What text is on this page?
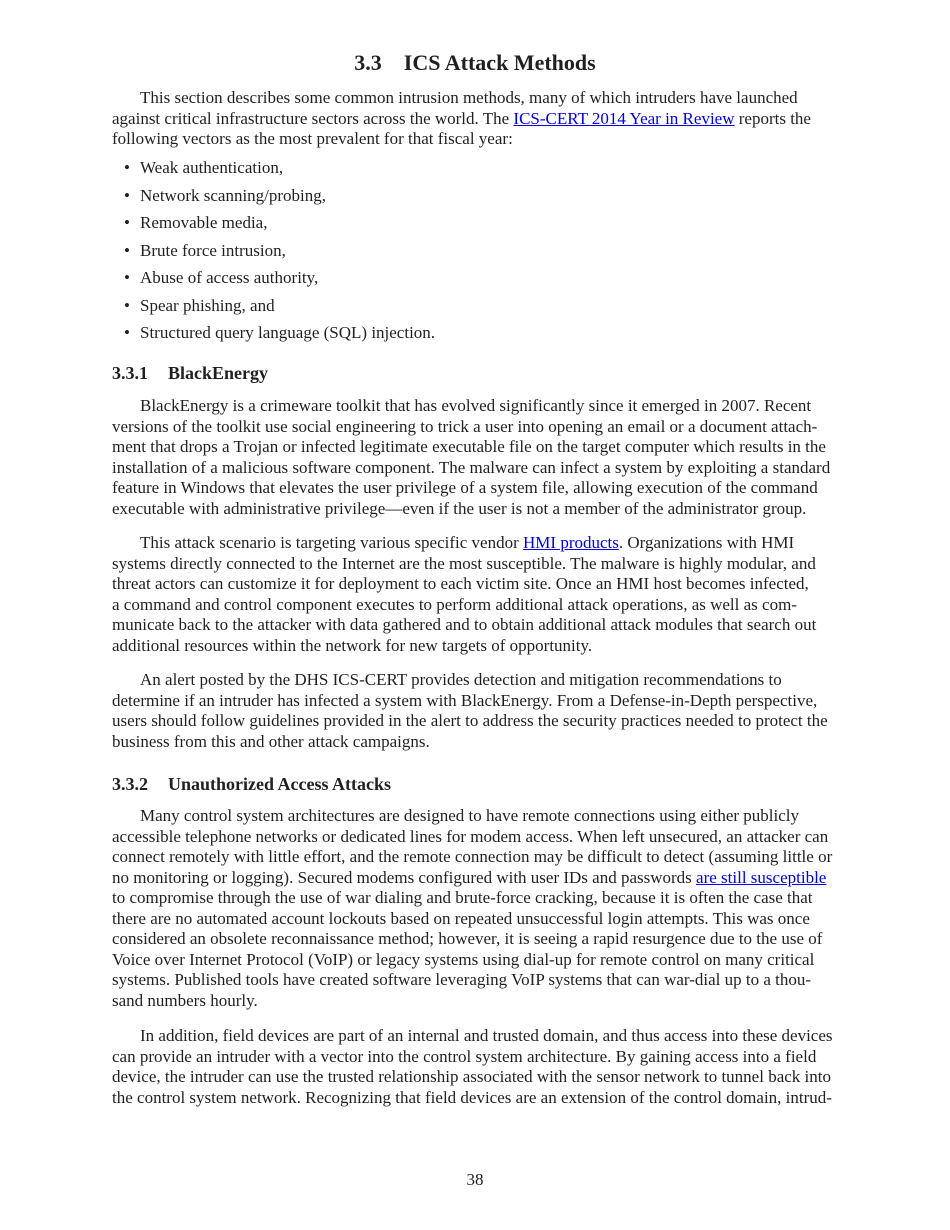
3.3 ICS Attack Methods
This section describes some common intrusion methods, many of which intruders have launched
against critical infrastructure sectors across the world. The ICS-CERT 2014 Year in Review reports the
following vectors as the most prevalent for that fiscal year:
•
Weak authentication,
•
Network scanning/probing,
•
Removable media,
•
Brute force intrusion,
•
Abuse of access authority,
•
Spear phishing, and
•
Structured query language (SQL) injection.
3.3.1 BlackEnergy
BlackEnergy is a crimeware toolkit that has evolved significantly since it emerged in 2007. Recent
versions of the toolkit use social engineering to trick a user into opening an email or a document attach-
ment that drops a Trojan or infected legitimate executable file on the target computer which results in the
installation of a malicious software component. The malware can infect a system by exploiting a standard
feature in Windows that elevates the user privilege of a system file, allowing execution of the command
executable with administrative privilege—even if the user is not a member of the administrator group.
This attack scenario is targeting various specific vendor HMI products. Organizations with HMI
systems directly connected to the Internet are the most susceptible. The malware is highly modular, and
threat actors can customize it for deployment to each victim site. Once an HMI host becomes infected,
a command and control component executes to perform additional attack operations, as well as com-
municate back to the attacker with data gathered and to obtain additional attack modules that search out
additional resources within the network for new targets of opportunity.
An alert posted by the DHS ICS-CERT provides detection and mitigation recommendations to
determine if an intruder has infected a system with BlackEnergy. From a Defense-in-Depth perspective,
users should follow guidelines provided in the alert to address the security practices needed to protect the
business from this and other attack campaigns.
3.3.2 Unauthorized Access Attacks
Many control system architectures are designed to have remote connections using either publicly
accessible telephone networks or dedicated lines for modem access. When left unsecured, an attacker can
connect remotely with little effort, and the remote connection may be difficult to detect (assuming little or
no monitoring or logging). Secured modems configured with user IDs and passwords are still susceptible
to compromise through the use of war dialing and brute-force cracking, because it is often the case that
there are no automated account lockouts based on repeated unsuccessful login attempts. This was once
considered an obsolete reconnaissance method; however, it is seeing a rapid resurgence due to the use of
Voice over Internet Protocol (VoIP) or legacy systems using dial-up for remote control on many critical
systems. Published tools have created software leveraging VoIP systems that can war-dial up to a thou-
sand numbers hourly.
In addition, field devices are part of an internal and trusted domain, and thus access into these devices
can provide an intruder with a vector into the control system architecture. By gaining access into a field
device, the intruder can use the trusted relationship associated with the sensor network to tunnel back into
the control system network. Recognizing that field devices are an extension of the control domain, intrud-
38
